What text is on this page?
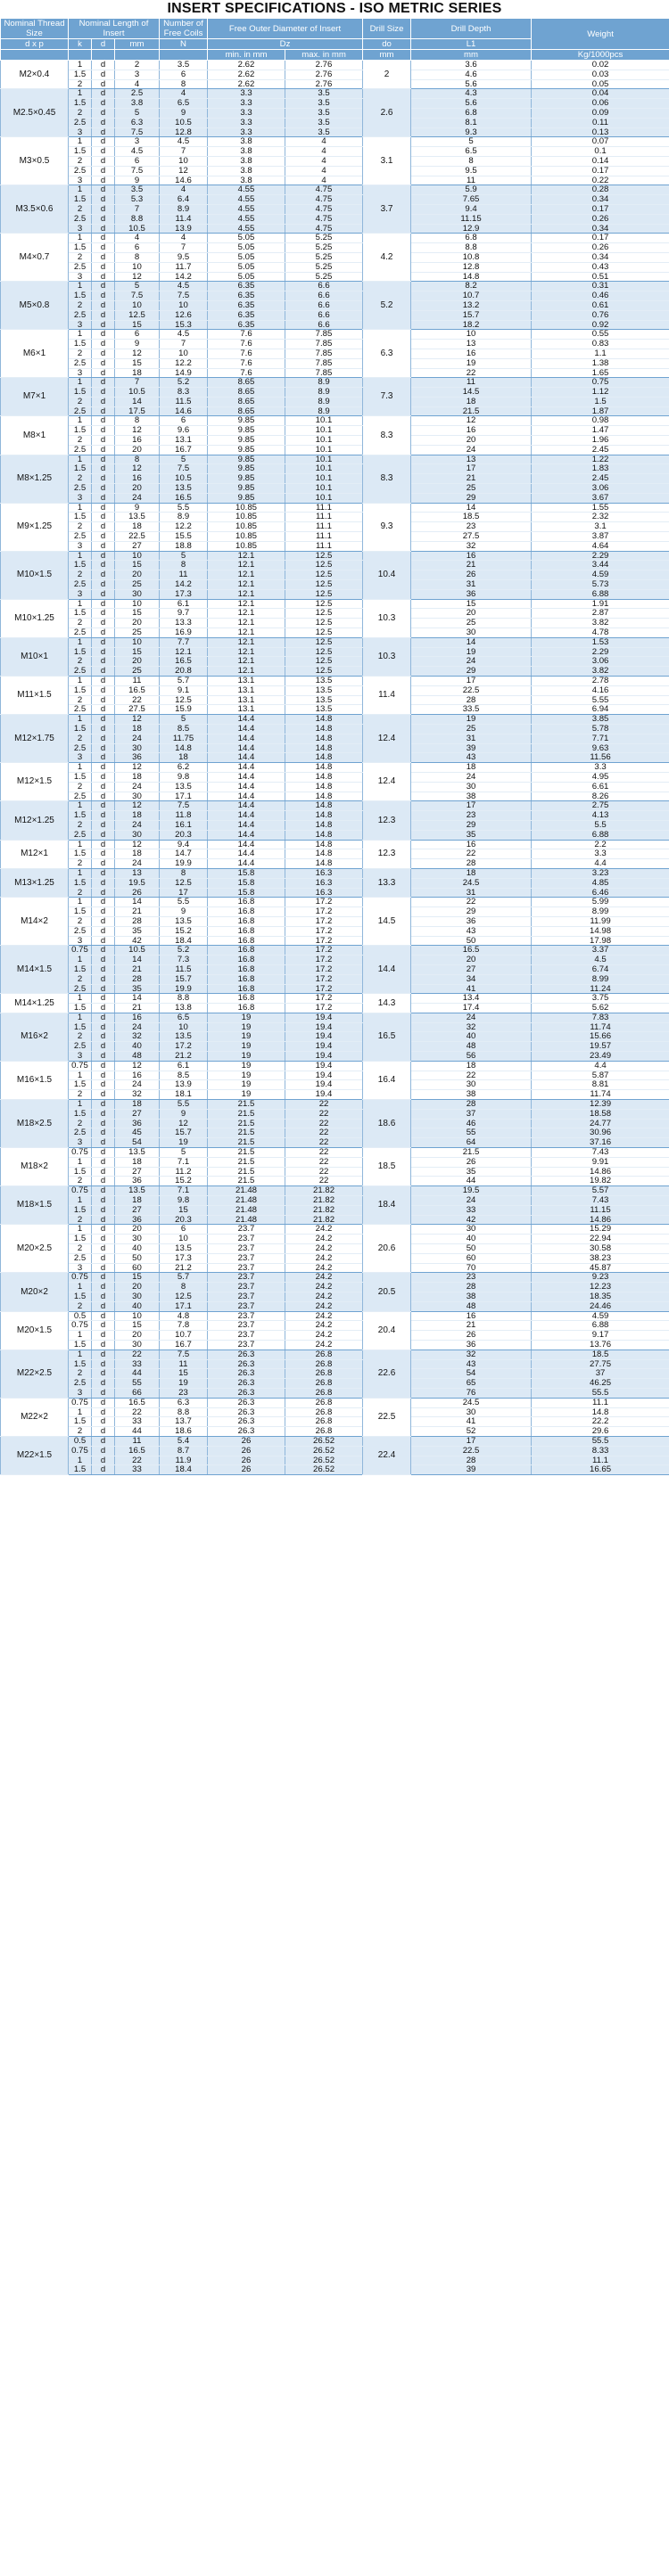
INSERT SPECIFICATIONS - ISO METRIC SERIES
Nominal Thread Size	Nominal Length of Insert			Number of Free Coils	Free Outer Diameter of Insert		Drill Size	Drill Depth	Weight
d x p	k	d	mm	N	Dz		do	L1	
					min. in mm	max. in mm	mm	mm	Kg/1000pcs
M2×0.4	1	d	2	3.5	2.62	2.76	2	3.6	0.02
	1.5	d	3	6	2.62	2.76		4.6	0.03
	2	d	4	8	2.62	2.76		5.6	0.05
M2.5×0.45	1	d	2.5	4	3.3	3.5	2.6	4.3	0.04
	1.5	d	3.8	6.5	3.3	3.5		5.6	0.06
	2	d	5	9	3.3	3.5		6.8	0.09
	2.5	d	6.3	10.5	3.3	3.5		8.1	0.11
	3	d	7.5	12.8	3.3	3.5		9.3	0.13
M3×0.5	1	d	3	4.5	3.8	4	3.1	5	0.07
	1.5	d	4.5	7	3.8	4		6.5	0.1
	2	d	6	10	3.8	4		8	0.14
	2.5	d	7.5	12	3.8	4		9.5	0.17
	3	d	9	14.6	3.8	4		11	0.22
M3.5×0.6	1	d	3.5	4	4.55	4.75	3.7	5.9	0.28
	1.5	d	5.3	6.4	4.55	4.75		7.65	0.34
	2	d	7	8.9	4.55	4.75		9.4	0.17
	2.5	d	8.8	11.4	4.55	4.75		11.15	0.26
	3	d	10.5	13.9	4.55	4.75		12.9	0.34
M4×0.7	1	d	4	4	5.05	5.25	4.2	6.8	0.17
	1.5	d	6	7	5.05	5.25		8.8	0.26
	2	d	8	9.5	5.05	5.25		10.8	0.34
	2.5	d	10	11.7	5.05	5.25		12.8	0.43
	3	d	12	14.2	5.05	5.25		14.8	0.51
M5×0.8	1	d	5	4.5	6.35	6.6	5.2	8.2	0.31
	1.5	d	7.5	7.5	6.35	6.6		10.7	0.46
	2	d	10	10	6.35	6.6		13.2	0.61
	2.5	d	12.5	12.6	6.35	6.6		15.7	0.76
	3	d	15	15.3	6.35	6.6		18.2	0.92
M6×1	1	d	6	4.5	7.6	7.85	6.3	10	0.55
	1.5	d	9	7	7.6	7.85		13	0.83
	2	d	12	10	7.6	7.85		16	1.1
	2.5	d	15	12.2	7.6	7.85		19	1.38
	3	d	18	14.9	7.6	7.85		22	1.65
M7×1	1	d	7	5.2	8.65	8.9	7.3	11	0.75
	1.5	d	10.5	8.3	8.65	8.9		14.5	1.12
	2	d	14	11.5	8.65	8.9		18	1.5
	2.5	d	17.5	14.6	8.65	8.9		21.5	1.87
M8×1	1	d	8	6	9.85	10.1	8.3	12	0.98
	1.5	d	12	9.6	9.85	10.1		16	1.47
	2	d	16	13.1	9.85	10.1		20	1.96
	2.5	d	20	16.7	9.85	10.1		24	2.45
M8×1.25	1	d	8	5	9.85	10.1	8.3	13	1.22
	1.5	d	12	7.5	9.85	10.1		17	1.83
	2	d	16	10.5	9.85	10.1		21	2.45
	2.5	d	20	13.5	9.85	10.1		25	3.06
	3	d	24	16.5	9.85	10.1		29	3.67
M9×1.25	1	d	9	5.5	10.85	11.1	9.3	14	1.55
	1.5	d	13.5	8.9	10.85	11.1		18.5	2.32
	2	d	18	12.2	10.85	11.1		23	3.1
	2.5	d	22.5	15.5	10.85	11.1		27.5	3.87
	3	d	27	18.8	10.85	11.1		32	4.64
M10×1.5	1	d	10	5	12.1	12.5	10.4	16	2.29
	1.5	d	15	8	12.1	12.5		21	3.44
	2	d	20	11	12.1	12.5		26	4.59
	2.5	d	25	14.2	12.1	12.5		31	5.73
	3	d	30	17.3	12.1	12.5		36	6.88
M10×1.25	1	d	10	6.1	12.1	12.5	10.3	15	1.91
	1.5	d	15	9.7	12.1	12.5		20	2.87
	2	d	20	13.3	12.1	12.5		25	3.82
	2.5	d	25	16.9	12.1	12.5		30	4.78
M10×1	1	d	10	7.7	12.1	12.5	10.3	14	1.53
	1.5	d	15	12.1	12.1	12.5		19	2.29
	2	d	20	16.5	12.1	12.5		24	3.06
	2.5	d	25	20.8	12.1	12.5		29	3.82
M11×1.5	1	d	11	5.7	13.1	13.5	11.4	17	2.78
	1.5	d	16.5	9.1	13.1	13.5		22.5	4.16
	2	d	22	12.5	13.1	13.5		28	5.55
	2.5	d	27.5	15.9	13.1	13.5		33.5	6.94
M12×1.75	1	d	12	5	14.4	14.8	12.4	19	3.85
	1.5	d	18	8.5	14.4	14.8		25	5.78
	2	d	24	11.75	14.4	14.8		31	7.71
	2.5	d	30	14.8	14.4	14.8		39	9.63
	3	d	36	18	14.4	14.8		43	11.56
M12×1.5	1	d	12	6.2	14.4	14.8	12.4	18	3.3
	1.5	d	18	9.8	14.4	14.8		24	4.95
	2	d	24	13.5	14.4	14.8		30	6.61
	2.5	d	30	17.1	14.4	14.8		38	8.26
M12×1.25	1	d	12	7.5	14.4	14.8	12.3	17	2.75
	1.5	d	18	11.8	14.4	14.8		23	4.13
	2	d	24	16.1	14.4	14.8		29	5.5
	2.5	d	30	20.3	14.4	14.8		35	6.88
M12×1	1	d	12	9.4	14.4	14.8	12.3	16	2.2
	1.5	d	18	14.7	14.4	14.8		22	3.3
	2	d	24	19.9	14.4	14.8		28	4.4
M13×1.25	1	d	13	8	15.8	16.3	13.3	18	3.23
	1.5	d	19.5	12.5	15.8	16.3		24.5	4.85
	2	d	26	17	15.8	16.3		31	6.46
M14×2	1	d	14	5.5	16.8	17.2	14.5	22	5.99
	1.5	d	21	9	16.8	17.2		29	8.99
	2	d	28	13.5	16.8	17.2		36	11.99
	2.5	d	35	15.2	16.8	17.2		43	14.98
	3	d	42	18.4	16.8	17.2		50	17.98
M14×1.5	0.75	d	10.5	5.2	16.8	17.2	14.4	16.5	3.37
	1	d	14	7.3	16.8	17.2		20	4.5
	1.5	d	21	11.5	16.8	17.2		27	6.74
	2	d	28	15.7	16.8	17.2		34	8.99
	2.5	d	35	19.9	16.8	17.2		41	11.24
M14×1.25	1	d	14	8.8	16.8	17.2	14.3	13.4	3.75
	1.5	d	21	13.8	16.8	17.2		17.4	5.62
M16×2	1	d	16	6.5	19	19.4	16.5	24	7.83
	1.5	d	24	10	19	19.4		32	11.74
	2	d	32	13.5	19	19.4		40	15.66
	2.5	d	40	17.2	19	19.4		48	19.57
	3	d	48	21.2	19	19.4		56	23.49
M16×1.5	0.75	d	12	6.1	19	19.4	16.4	18	4.4
	1	d	16	8.5	19	19.4		22	5.87
	1.5	d	24	13.9	19	19.4		30	8.81
	2	d	32	18.1	19	19.4		38	11.74
M18×2.5	1	d	18	5.5	21.5	22	18.6	28	12.39
	1.5	d	27	9	21.5	22		37	18.58
	2	d	36	12	21.5	22		46	24.77
	2.5	d	45	15.7	21.5	22		55	30.96
	3	d	54	19	21.5	22		64	37.16
M18×2	0.75	d	13.5	5	21.5	22	18.5	21.5	7.43
	1	d	18	7.1	21.5	22		26	9.91
	1.5	d	27	11.2	21.5	22		35	14.86
	2	d	36	15.2	21.5	22		44	19.82
M18×1.5	0.75	d	13.5	7.1	21.48	21.82	18.4	19.5	5.57
	1	d	18	9.8	21.48	21.82		24	7.43
	1.5	d	27	15	21.48	21.82		33	11.15
	2	d	36	20.3	21.48	21.82		42	14.86
M20×2.5	1	d	20	6	23.7	24.2	20.6	30	15.29
	1.5	d	30	10	23.7	24.2		40	22.94
	2	d	40	13.5	23.7	24.2		50	30.58
	2.5	d	50	17.3	23.7	24.2		60	38.23
	3	d	60	21.2	23.7	24.2		70	45.87
M20×2	0.75	d	15	5.7	23.7	24.2	20.5	23	9.23
	1	d	20	8	23.7	24.2		28	12.23
	1.5	d	30	12.5	23.7	24.2		38	18.35
	2	d	40	17.1	23.7	24.2		48	24.46
M20×1.5	0.5	d	10	4.8	23.7	24.2	20.4	16	4.59
	0.75	d	15	7.8	23.7	24.2		21	6.88
	1	d	20	10.7	23.7	24.2		26	9.17
	1.5	d	30	16.7	23.7	24.2		36	13.76
M22×2.5	1	d	22	7.5	26.3	26.8	22.6	32	18.5
	1.5	d	33	11	26.3	26.8		43	27.75
	2	d	44	15	26.3	26.8		54	37
	2.5	d	55	19	26.3	26.8		65	46.25
	3	d	66	23	26.3	26.8		76	55.5
M22×2	0.75	d	16.5	6.3	26.3	26.8	22.5	24.5	11.1
	1	d	22	8.8	26.3	26.8		30	14.8
	1.5	d	33	13.7	26.3	26.8		41	22.2
	2	d	44	18.6	26.3	26.8		52	29.6
M22×1.5	0.5	d	11	5.4	26	26.52	22.4	17	55.5
	0.75	d	16.5	8.7	26	26.52		22.5	8.33
	1	d	22	11.9	26	26.52		28	11.1
	1.5	d	33	18.4	26	26.52		39	16.65
